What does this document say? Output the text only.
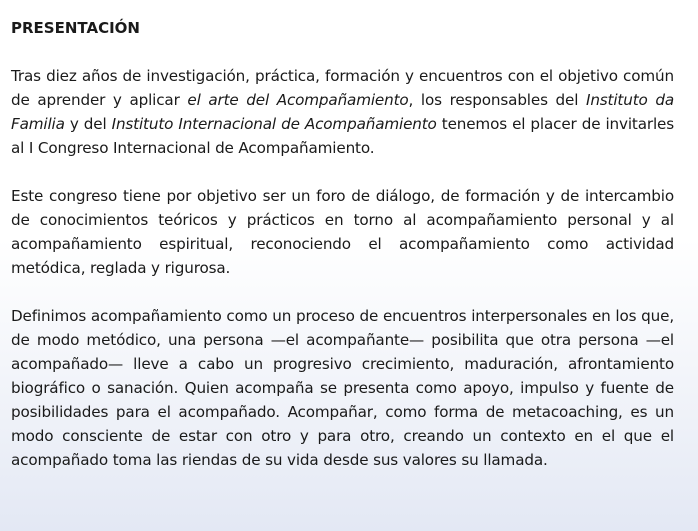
PRESENTACIÓN

Tras diez años de investigación, práctica, formación y encuentros con el objetivo común de aprender y aplicar el arte del Acompañamiento, los responsables del Instituto da Familia y del Instituto Internacional de Acompañamiento tenemos el placer de invitarles al I Congreso Internacional de Acompañamiento.

Este congreso tiene por objetivo ser un foro de diálogo, de formación y de intercambio de conocimientos teóricos y prácticos en torno al acompañamiento personal y al acompañamiento espiritual, reconociendo el acompañamiento como actividad metódica, reglada y rigurosa.

Definimos acompañamiento como un proceso de encuentros interpersonales en los que, de modo metódico, una persona —el acompañante— posibilita que otra persona —el acompañado— lleve a cabo un progresivo crecimiento, maduración, afrontamiento biográfico o sanación. Quien acompaña se presenta como apoyo, impulso y fuente de posibilidades para el acompañado. Acompañar, como forma de metacoaching, es un modo consciente de estar con otro y para otro, creando un contexto en el que el acompañado toma las riendas de su vida desde sus valores su llamada.
